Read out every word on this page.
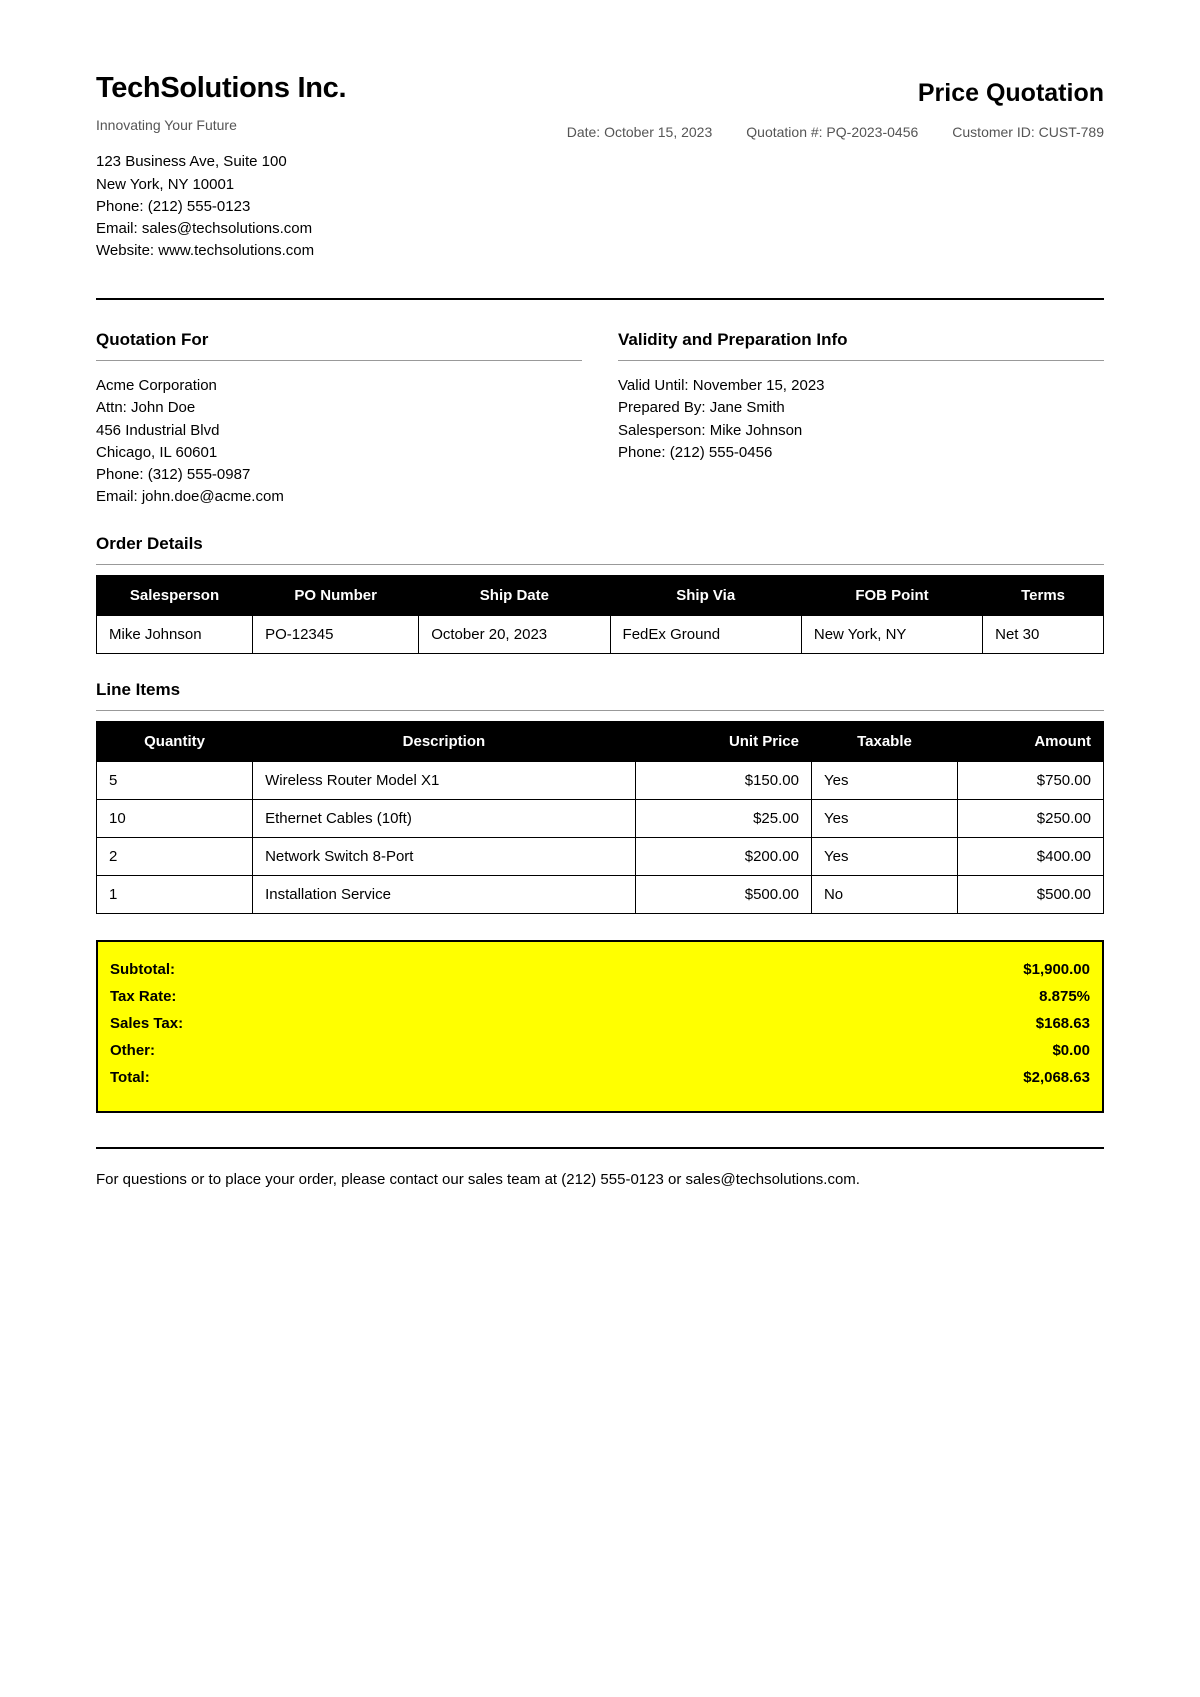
TechSolutions Inc.
Innovating Your Future
123 Business Ave, Suite 100
New York, NY 10001
Phone: (212) 555-0123
Email: sales@techsolutions.com
Website: www.techsolutions.com
Price Quotation
Date: October 15, 2023 Quotation #: PQ-2023-0456 Customer ID: CUST-789
Quotation For
Acme Corporation
Attn: John Doe
456 Industrial Blvd
Chicago, IL 60601
Phone: (312) 555-0987
Email: john.doe@acme.com
Validity and Preparation Info
Valid Until: November 15, 2023
Prepared By: Jane Smith
Salesperson: Mike Johnson
Phone: (212) 555-0456
Order Details
Salesperson	PO Number	Ship Date	Ship Via	FOB Point	Terms
Mike Johnson	PO-12345	October 20, 2023	FedEx Ground	New York, NY	Net 30
Line Items
Quantity	Description	Unit Price	Taxable	Amount
5	Wireless Router Model X1	$150.00	Yes	$750.00
10	Ethernet Cables (10ft)	$25.00	Yes	$250.00
2	Network Switch 8-Port	$200.00	Yes	$400.00
1	Installation Service	$500.00	No	$500.00
Subtotal:	$1,900.00
Tax Rate:	8.875%
Sales Tax:	$168.63
Other:	$0.00
Total:	$2,068.63
For questions or to place your order, please contact our sales team at (212) 555-0123 or sales@techsolutions.com.
